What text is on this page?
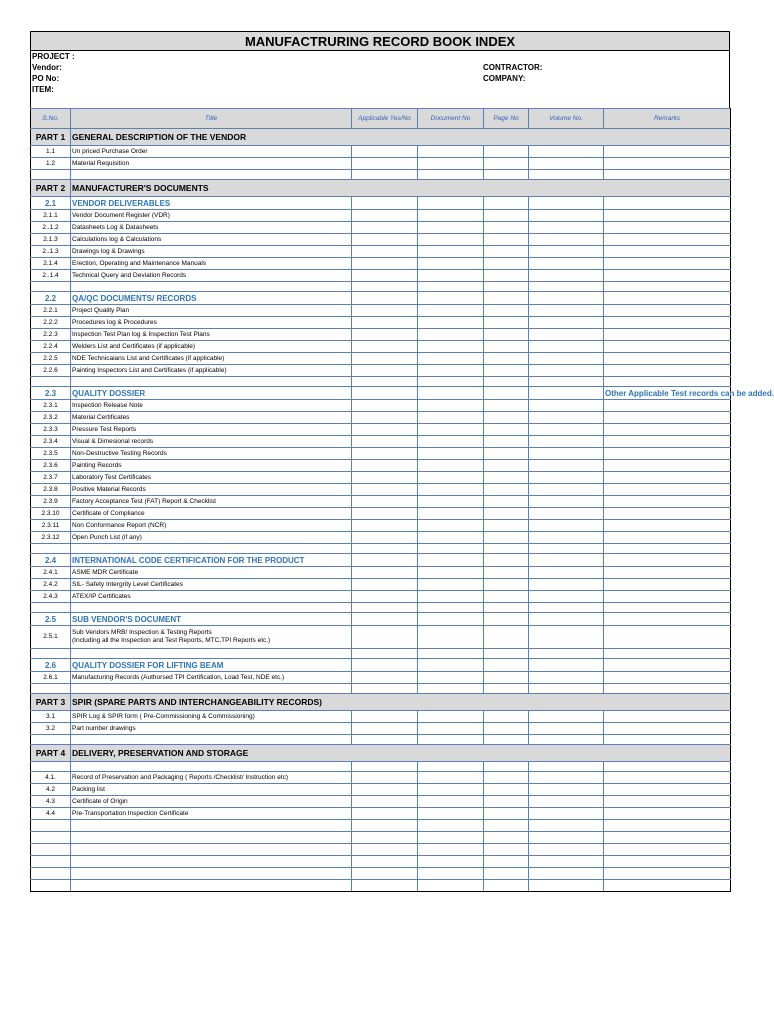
MANUFACTRURING RECORD BOOK INDEX
PROJECT :
Vendor:
PO No:
ITEM:
CONTRACTOR:
COMPANY:
S.No.	Title	Applicable Yes/No	Document No	Page No	Volume No.	Remarks
PART 1	GENERAL DESCRIPTION OF THE VENDOR					
1.1	Un priced Purchase Order					
1.2	Material Requisition					

PART 2	MANUFACTURER'S DOCUMENTS					
2.1	VENDOR DELIVERABLES					
2.1.1	Vendor Document Register (VDR)					
2..1.2	Datasheets Log & Datasheets					
2.1.3	Calculations log & Calculations					
2..1.3	Drawings log & Drawings					
2.1.4	Erection, Operating and Maintenance Manuals					
2..1.4	Technical Query and Deviation Records					

2.2	QA/QC DOCUMENTS/ RECORDS					
2.2.1	Project Quality Plan					
2.2.2	Procedures log & Procedures					
2.2.3	Inspection Test Plan log & Inspection Test Plans					
2.2.4	Welders List and Certificates (if applicable)					
2.2.5	NDE Technicaians List and Certificates (if applicable)					
2.2.6	Painting Inspectors List and Certificates (if applicable)					

2.3	QUALITY DOSSIER					Other Applicable Test records can be added.
2.3.1	Inspection Release Note					
2.3.2	Material Certificates					
2.3.3	Pressure Test Reports					
2.3.4	Visual & Dimesional records					
2.3.5	Non-Destructive Testing Records					
2.3.6	Painting Records					
2.3.7	Laboratory Test Certificates					
2.3.8	Positive Material Records					
2.3.9	Factory Acceptance Test (FAT) Report & Checklist					
2.3.10	Certificate of Compliance					
2.3.11	Non Conformance Report (NCR)					
2.3.12	Open Punch List (if any)					

2.4	INTERNATIONAL CODE CERTIFICATION FOR THE PRODUCT					
2.4.1	ASME MDR Certificate					
2.4.2	SIL- Safety Intergrity Level Certificates					
2.4.3	ATEX/IP Certificates					

2.5	SUB VENDOR'S DOCUMENT					
2.5.1	Sub Vendors MRB/ Inspection & Testing Reports
(Including all the Inspection and Test Reports, MTC,TPI Reports etc.)					

2.6	QUALITY DOSSIER FOR LIFTING BEAM					
2.6.1	Manufacturing Records (Authorsed TPI Certification, Load Test, NDE etc.)					

PART 3	SPIR (SPARE PARTS AND INTERCHANGEABILITY RECORDS)					
3.1	SPIR Log & SPIR form ( Pre-Commissioning & Commissioning)					
3.2	Part number drawings					

PART 4	DELIVERY, PRESERVATION AND STORAGE					

4.1.	Record of Preservation and Packaging ( Reports /Checklist/ Instruction etc)					
4.2	Packing list					
4.3	Certificate of Origin					
4.4	Pre-Transportation Inspection Certificate					
